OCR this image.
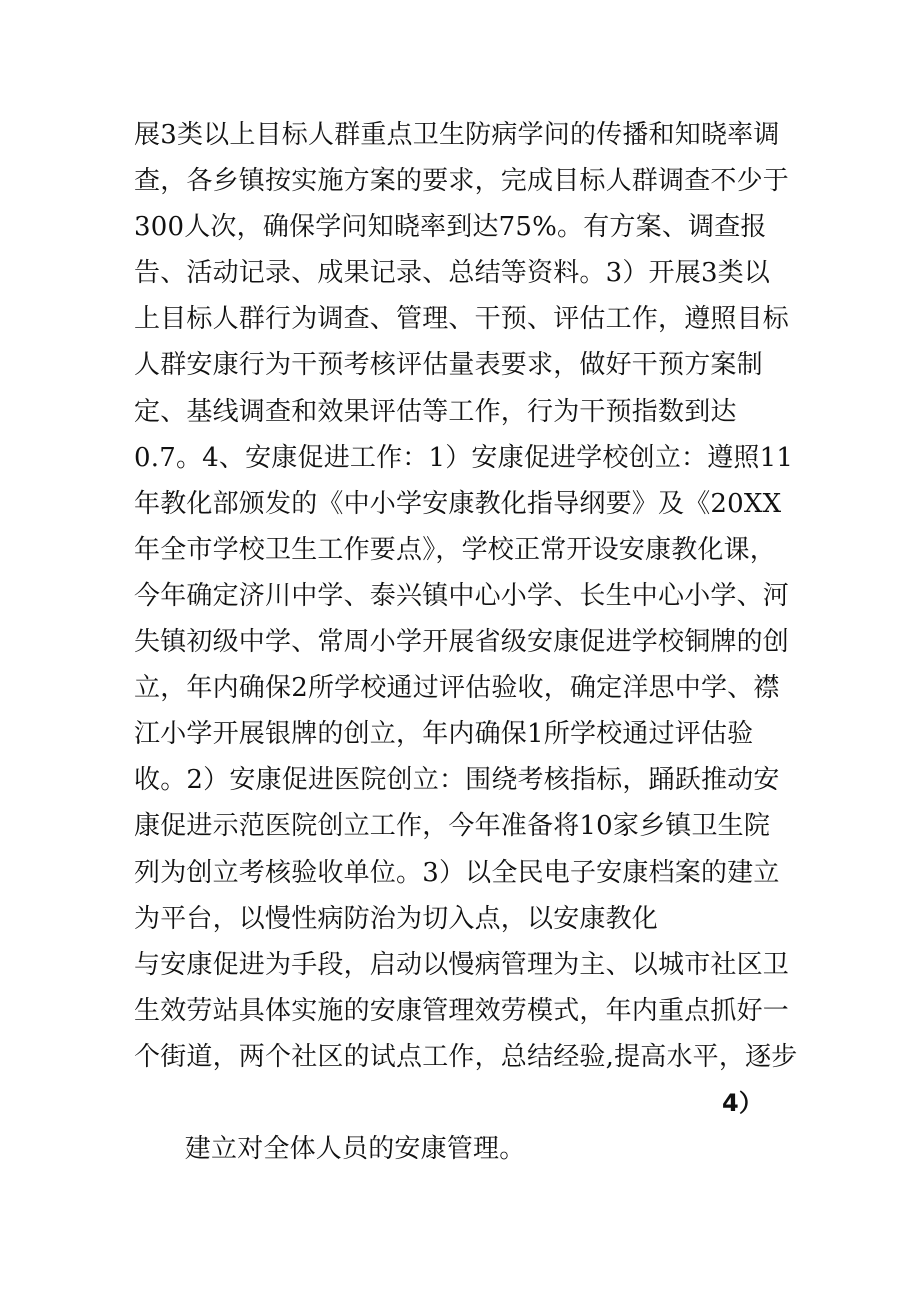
展3类以上目标人群重点卫生防病学问的传播和知晓率调
查，各乡镇按实施方案的要求，完成目标人群调查不少于
300人次，确保学问知晓率到达75%。有方案、调查报
告、活动记录、成果记录、总结等资料。3）开展3类以
上目标人群行为调查、管理、干预、评估工作，遵照目标
人群安康行为干预考核评估量表要求，做好干预方案制
定、基线调查和效果评估等工作，行为干预指数到达
0.7。4、安康促进工作：1）安康促进学校创立：遵照11
年教化部颁发的《中小学安康教化指导纲要》及《20XX
年全市学校卫生工作要点》，学校正常开设安康教化课，
今年确定济川中学、泰兴镇中心小学、长生中心小学、河
失镇初级中学、常周小学开展省级安康促进学校铜牌的创
立，年内确保2所学校通过评估验收，确定洋思中学、襟
江小学开展银牌的创立，年内确保1所学校通过评估验
收。2）安康促进医院创立：围绕考核指标，踊跃推动安
康促进示范医院创立工作，今年准备将10家乡镇卫生院
列为创立考核验收单位。3）以全民电子安康档案的建立
为平台，以慢性病防治为切入点，以安康教化
与安康促进为手段，启动以慢病管理为主、以城市社区卫
生效劳站具体实施的安康管理效劳模式，年内重点抓好一
个街道，两个社区的试点工作，总结经验,提高水平，逐步

建立对全体人员的安康管理。

4）
